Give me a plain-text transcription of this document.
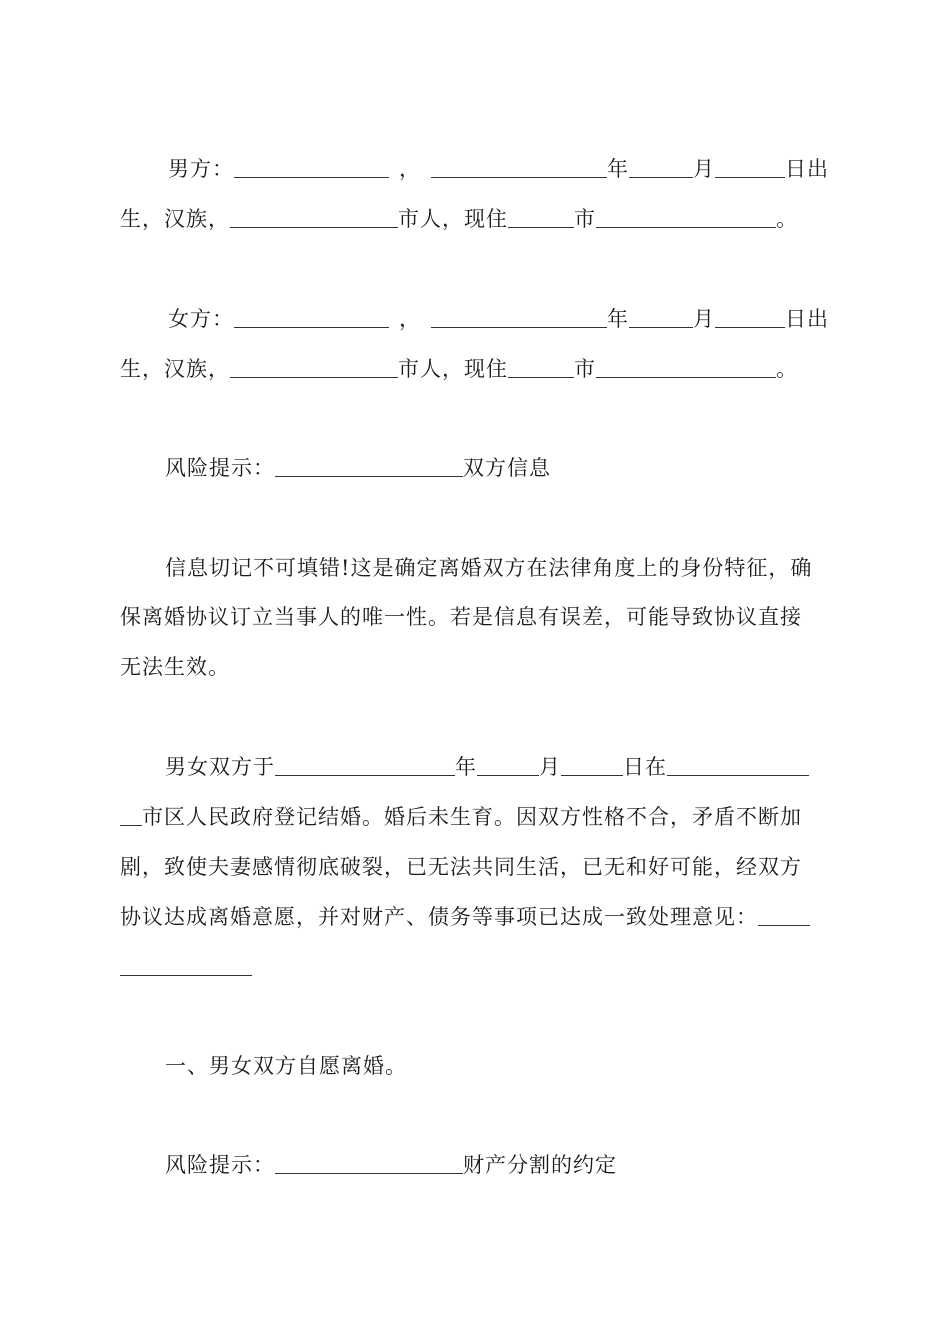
男方：	，	年	月	日出
生，汉族，	市人，现住	市	。
女方：	，	年	月	日出
生，汉族，	市人，现住	市	。
风险提示：	双方信息
信息切记不可填错!这是确定离婚双方在法律角度上的身份特征，确
保离婚协议订立当事人的唯一性。若是信息有误差，可能导致协议直接
无法生效。
男女双方于	年	月	日在
市区人民政府登记结婚。婚后未生育。因双方性格不合，矛盾不断加
剧，致使夫妻感情彻底破裂，已无法共同生活，已无和好可能，经双方
协议达成离婚意愿，并对财产、债务等事项已达成一致处理意见：
一、男女双方自愿离婚。
风险提示：	财产分割的约定
